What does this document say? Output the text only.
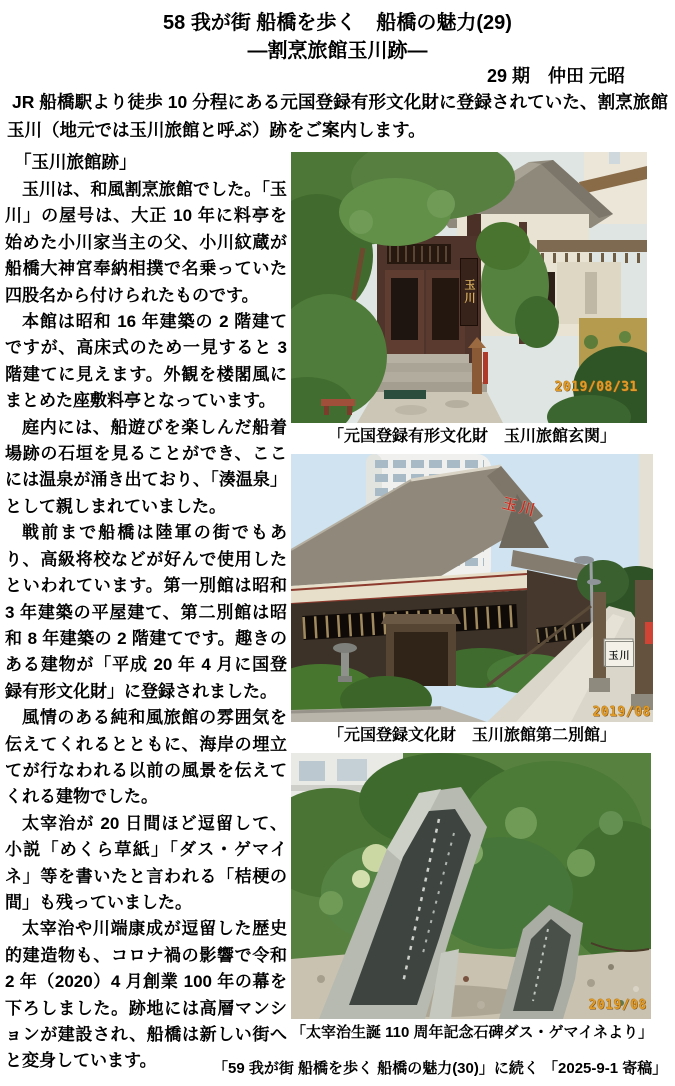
58 我が街 船橋を歩く　船橋の魅力(29)
―割烹旅館玉川跡―
29 期　仲田 元昭
JR 船橋駅より徒歩 10 分程にある元国登録有形文化財に登録されていた、割烹旅館玉川（地元では玉川旅館と呼ぶ）跡をご案内します。
「玉川旅館跡」

玉川は、和風割烹旅館でした。「玉川」の屋号は、大正 10 年に料亭を始めた小川家当主の父、小川紋蔵が船橋大神宮奉納相撲で名乗っていた四股名から付けられたものです。

本館は昭和 16 年建築の 2 階建てですが、高床式のため一見すると 3 階建てに見えます。外観を楼閣風にまとめた座敷料亭となっています。

庭内には、船遊びを楽しんだ船着場跡の石垣を見ることができ、ここには温泉が涌き出ており、「湊温泉」として親しまれていました。

戦前まで船橋は陸軍の街でもあり、高級将校などが好んで使用したといわれています。第一別館は昭和 3 年建築の平屋建て、第二別館は昭和 8 年建築の 2 階建てです。趣きのある建物が「平成 20 年 4 月に国登録有形文化財」に登録されました。

風情のある純和風旅館の雰囲気を伝えてくれるとともに、海岸の埋立てが行なわれる以前の風景を伝えてくれる建物でした。

太宰治が 20 日間ほど逗留して、小説「めくら草紙」「ダス・ゲマイネ」等を書いたと言われる「桔梗の間」も残っていました。

太宰治や川端康成が逗留した歴史的建造物も、コロナ禍の影響で令和 2 年（2020）4 月創業 100 年の幕を下ろしました。跡地には高層マンションが建設され、船橋は新しい街へと変身しています。

玉川
2019/08/31
「元国登録有形文化財　玉川旅館玄関」
玉川
玉川
2019/08
「元国登録文化財　玉川旅館第二別館」
2019/08
「太宰治生誕 110 周年記念石碑ダス・ゲマイネより」
「59 我が街 船橋を歩く 船橋の魅力(30)」に続く 「2025-9-1 寄稿」
